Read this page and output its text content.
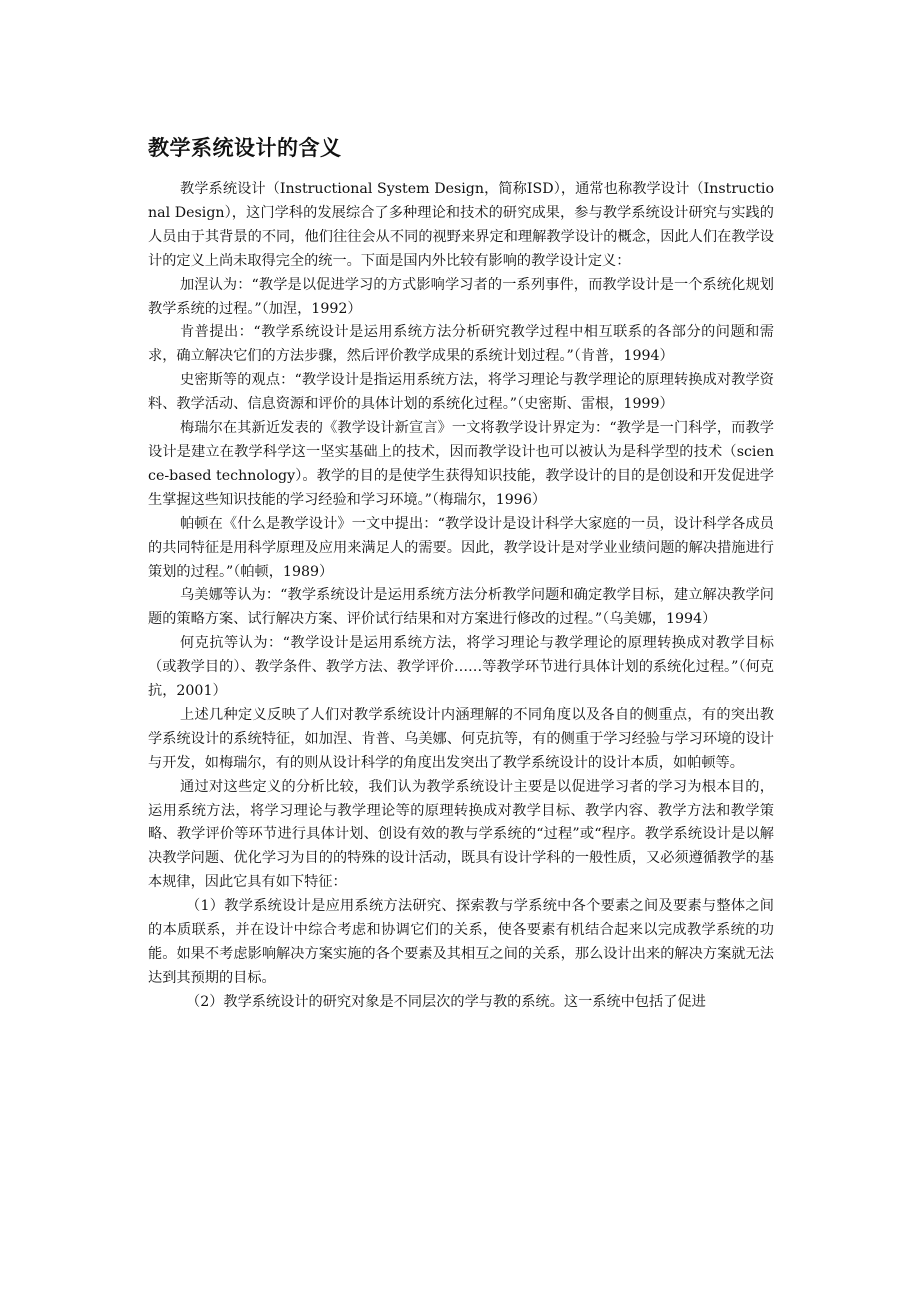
教学系统设计的含义

教学系统设计（Instructional System Design，简称ISD），通常也称教学设计（Instructional Design），这门学科的发展综合了多种理论和技术的研究成果，参与教学系统设计研究与实践的人员由于其背景的不同，他们往往会从不同的视野来界定和理解教学设计的概念，因此人们在教学设计的定义上尚未取得完全的统一。下面是国内外比较有影响的教学设计定义：

加涅认为：“教学是以促进学习的方式影响学习者的一系列事件，而教学设计是一个系统化规划教学系统的过程。”（加涅，1992）

肯普提出：“教学系统设计是运用系统方法分析研究教学过程中相互联系的各部分的问题和需求，确立解决它们的方法步骤，然后评价教学成果的系统计划过程。”（肯普，1994）

史密斯等的观点：“教学设计是指运用系统方法，将学习理论与教学理论的原理转换成对教学资料、教学活动、信息资源和评价的具体计划的系统化过程。”（史密斯、雷根，1999）

梅瑞尔在其新近发表的《教学设计新宣言》一文将教学设计界定为：“教学是一门科学，而教学设计是建立在教学科学这一坚实基础上的技术，因而教学设计也可以被认为是科学型的技术（science-based technology）。教学的目的是使学生获得知识技能，教学设计的目的是创设和开发促进学生掌握这些知识技能的学习经验和学习环境。”（梅瑞尔，1996）

帕顿在《什么是教学设计》一文中提出：“教学设计是设计科学大家庭的一员，设计科学各成员的共同特征是用科学原理及应用来满足人的需要。因此，教学设计是对学业业绩问题的解决措施进行策划的过程。”（帕顿，1989）

乌美娜等认为：“教学系统设计是运用系统方法分析教学问题和确定教学目标，建立解决教学问题的策略方案、试行解决方案、评价试行结果和对方案进行修改的过程。”（乌美娜，1994）

何克抗等认为：“教学设计是运用系统方法，将学习理论与教学理论的原理转换成对教学目标（或教学目的）、教学条件、教学方法、教学评价……等教学环节进行具体计划的系统化过程。”（何克抗，2001）

上述几种定义反映了人们对教学系统设计内涵理解的不同角度以及各自的侧重点，有的突出教学系统设计的系统特征，如加涅、肯普、乌美娜、何克抗等，有的侧重于学习经验与学习环境的设计与开发，如梅瑞尔，有的则从设计科学的角度出发突出了教学系统设计的设计本质，如帕顿等。

通过对这些定义的分析比较，我们认为教学系统设计主要是以促进学习者的学习为根本目的，运用系统方法，将学习理论与教学理论等的原理转换成对教学目标、教学内容、教学方法和教学策略、教学评价等环节进行具体计划、创设有效的教与学系统的“过程”或“程序。教学系统设计是以解决教学问题、优化学习为目的的特殊的设计活动，既具有设计学科的一般性质，又必须遵循教学的基本规律，因此它具有如下特征：

（1）教学系统设计是应用系统方法研究、探索教与学系统中各个要素之间及要素与整体之间的本质联系，并在设计中综合考虑和协调它们的关系，使各要素有机结合起来以完成教学系统的功能。如果不考虑影响解决方案实施的各个要素及其相互之间的关系，那么设计出来的解决方案就无法达到其预期的目标。

（2）教学系统设计的研究对象是不同层次的学与教的系统。这一系统中包括了促进
